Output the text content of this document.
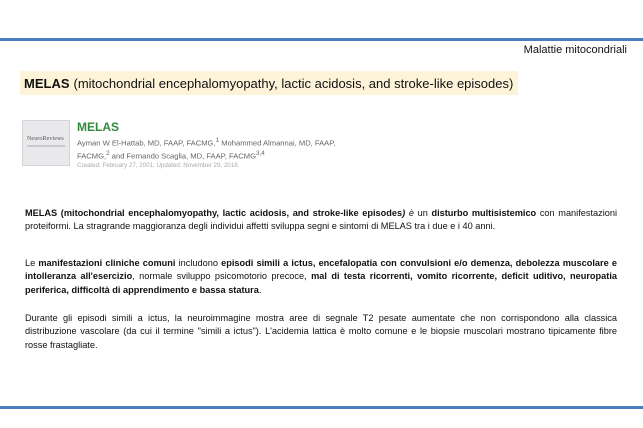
Malattie mitocondriali
MELAS (mitochondrial encephalomyopathy, lactic acidosis, and stroke-like episodes)
NeuroReviews
MELAS
Ayman W El-Hattab, MD, FAAP, FACMG,$^1$ Mohammed Almannai, MD, FAAP,
FACMG,$^2$ and Fernando Scaglia, MD, FAAP, FACMG$^{3,4}$
Created: February 27, 2001; Updated: November 29, 2018.
MELAS (mitochondrial encephalomyopathy, lactic acidosis, and stroke-like episodes) è un disturbo multisistemico con manifestazioni proteiformi. La stragrande maggioranza degli individui affetti sviluppa segni e sintomi di MELAS tra i due e i 40 anni.
Le manifestazioni cliniche comuni includono episodi simili a ictus, encefalopatia con convulsioni e/o demenza, debolezza muscolare e intolleranza all'esercizio, normale sviluppo psicomotorio precoce, mal di testa ricorrenti, vomito ricorrente, deficit uditivo, neuropatia periferica, difficoltà di apprendimento e bassa statura.
Durante gli episodi simili a ictus, la neuroimmagine mostra aree di segnale T2 pesate aumentate che non corrispondono alla classica distribuzione vascolare (da cui il termine "simili a ictus"). L'acidemia lattica è molto comune e le biopsie muscolari mostrano tipicamente fibre rosse frastagliate.
